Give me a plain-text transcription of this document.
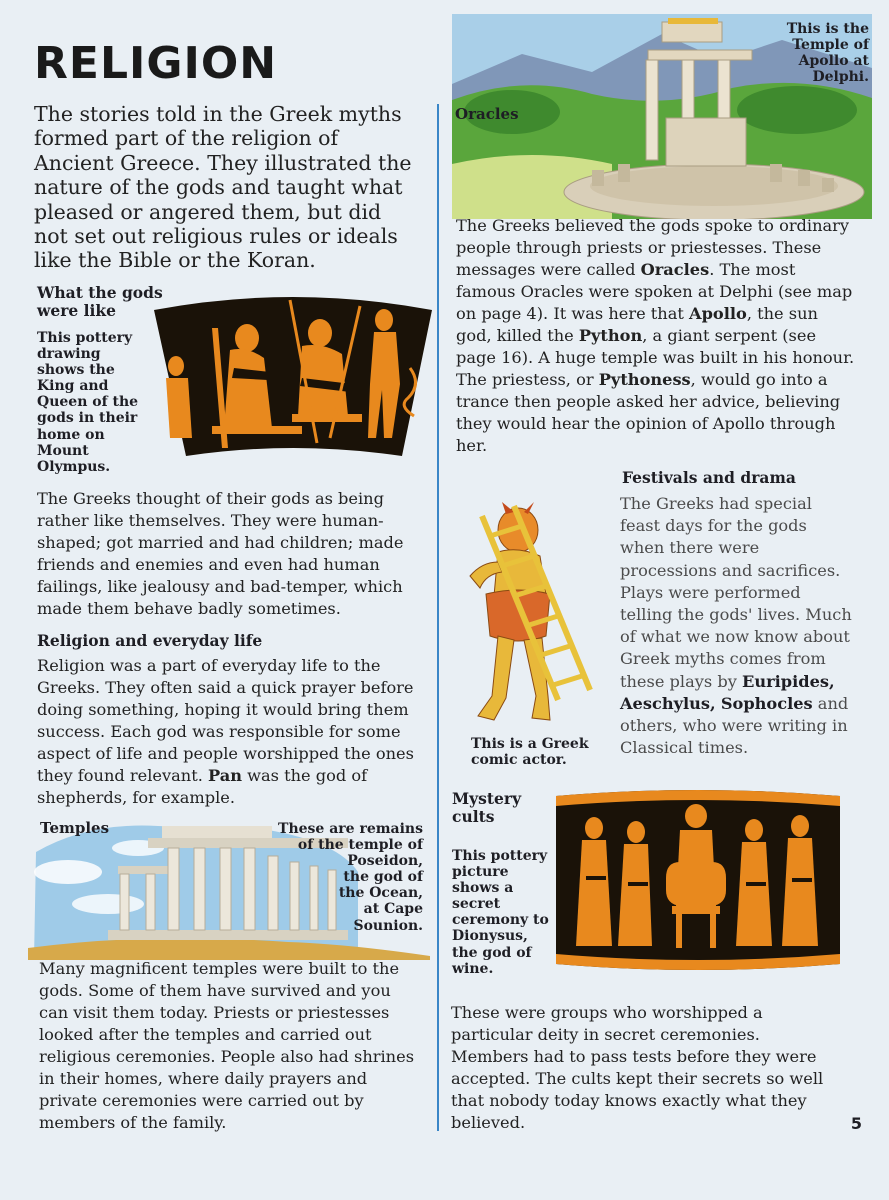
RELIGION

The stories told in the Greek myths formed part of the religion of Ancient Greece. They illustrated the nature of the gods and taught what pleased or angered them, but did not set out religious rules or ideals like the Bible or the Koran.

What the gods
were like
This pottery
drawing
shows the
King and
Queen of the
gods in their
home on
Mount
Olympus.

The Greeks thought of their gods as being rather like themselves. They were human-shaped; got married and had children; made friends and enemies and even had human failings, like jealousy and bad-temper, which made them behave badly sometimes.

Religion and everyday life

Religion was a part of everyday life to the Greeks. They often said a quick prayer before doing something, hoping it would bring them success. Each god was responsible for some aspect of life and people worshipped the ones they found relevant. Pan was the god of shepherds, for example.

Temples	These are remains
of the temple of
Poseidon,
the god of
the Ocean,
at Cape
Sounion.

Many magnificent temples were built to the gods. Some of them have survived and you can visit them today. Priests or priestesses looked after the temples and carried out religious ceremonies. People also had shrines in their homes, where daily prayers and private ceremonies were carried out by members of the family.

Oracles
This is the
Temple of
Apollo at
Delphi.

The Greeks believed the gods spoke to ordinary people through priests or priestesses. These messages were called Oracles. The most famous Oracles were spoken at Delphi (see map on page 4). It was here that Apollo, the sun god, killed the Python, a giant serpent (see page 16). A huge temple was built in his honour. The priestess, or Pythoness, would go into a trance then people asked her advice, believing they would hear the opinion of Apollo through her.

This is a Greek
comic actor.
Festivals and drama

The Greeks had special feast days for the gods when there were processions and sacrifices. Plays were performed telling the gods' lives. Much of what we now know about Greek myths comes from these plays by Euripides, Aeschylus, Sophocles and others, who were writing in Classical times.

Mystery
cults
This pottery
picture
shows a
secret
ceremony to
Dionysus,
the god of
wine.

These were groups who worshipped a particular deity in secret ceremonies. Members had to pass tests before they were accepted. The cults kept their secrets so well that nobody today knows exactly what they believed.	5
